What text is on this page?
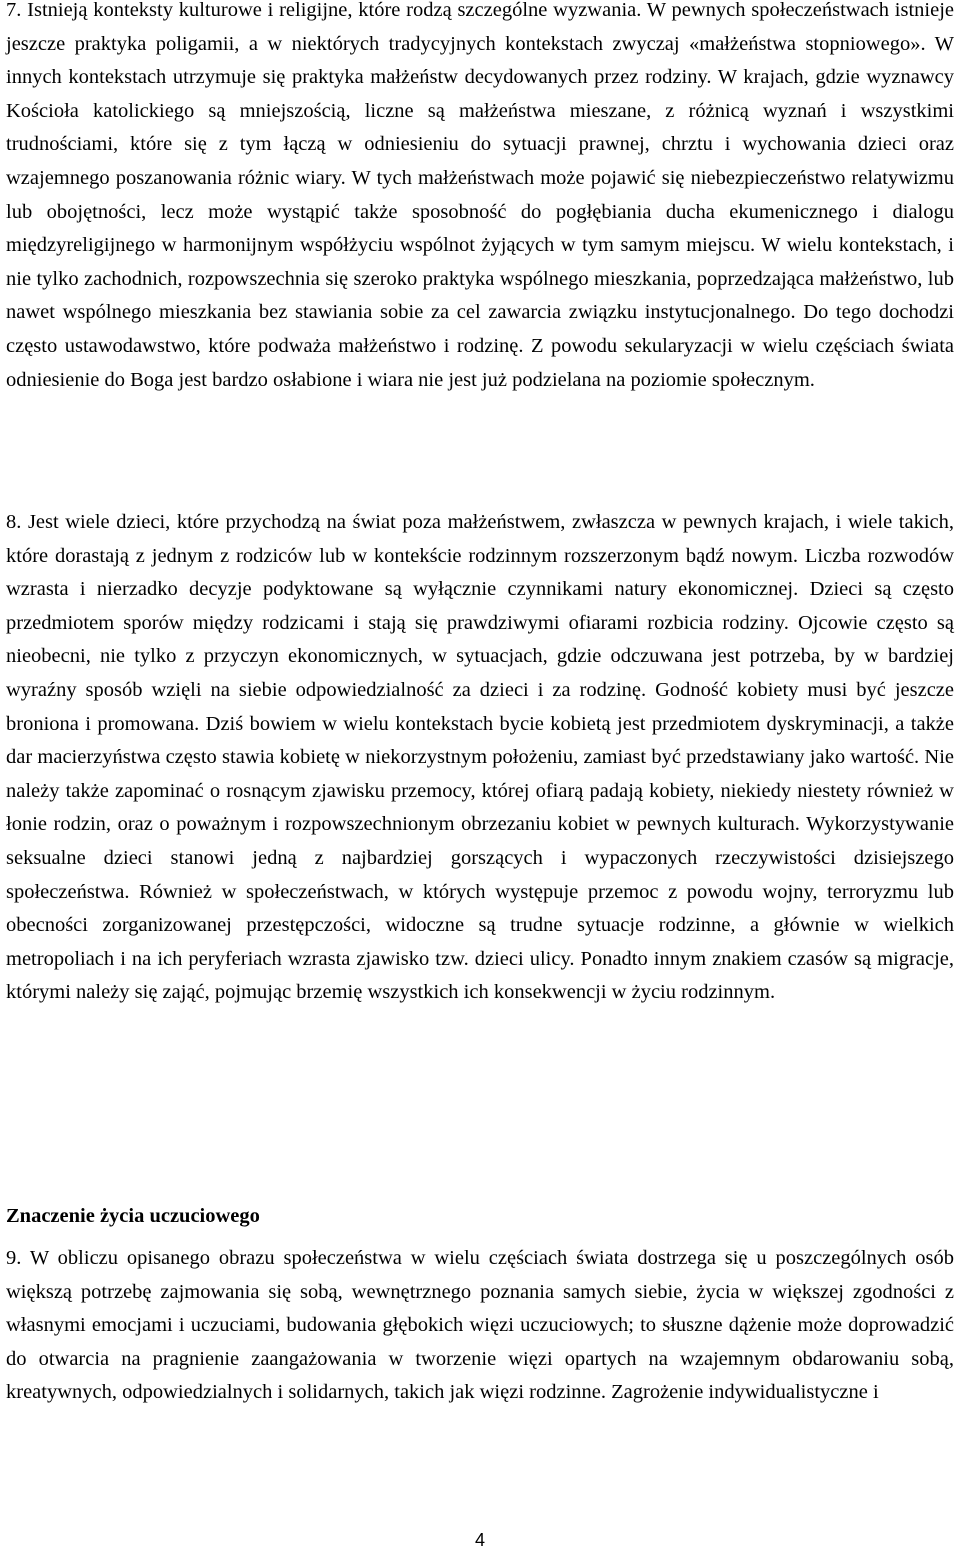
7. Istnieją konteksty kulturowe i religijne, które rodzą szczególne wyzwania. W pewnych społeczeństwach istnieje jeszcze praktyka poligamii, a w niektórych tradycyjnych kontekstach zwyczaj «małżeństwa stopniowego». W innych kontekstach utrzymuje się praktyka małżeństw decydowanych przez rodziny. W krajach, gdzie wyznawcy Kościoła katolickiego są mniejszością, liczne są małżeństwa mieszane, z różnicą wyznań i wszystkimi trudnościami, które się z tym łączą w odniesieniu do sytuacji prawnej, chrztu i wychowania dzieci oraz wzajemnego poszanowania różnic wiary. W tych małżeństwach może pojawić się niebezpieczeństwo relatywizmu lub obojętności, lecz może wystąpić także sposobność do pogłębiania ducha ekumenicznego i dialogu międzyreligijnego w harmonijnym współżyciu wspólnot żyjących w tym samym miejscu. W wielu kontekstach, i nie tylko zachodnich, rozpowszechnia się szeroko praktyka wspólnego mieszkania, poprzedzająca małżeństwo, lub nawet wspólnego mieszkania bez stawiania sobie za cel zawarcia związku instytucjonalnego. Do tego dochodzi często ustawodawstwo, które podważa małżeństwo i rodzinę. Z powodu sekularyzacji w wielu częściach świata odniesienie do Boga jest bardzo osłabione i wiara nie jest już podzielana na poziomie społecznym.

8. Jest wiele dzieci, które przychodzą na świat poza małżeństwem, zwłaszcza w pewnych krajach, i wiele takich, które dorastają z jednym z rodziców lub w kontekście rodzinnym rozszerzonym bądź nowym. Liczba rozwodów wzrasta i nierzadko decyzje podyktowane są wyłącznie czynnikami natury ekonomicznej. Dzieci są często przedmiotem sporów między rodzicami i stają się prawdziwymi ofiarami rozbicia rodziny. Ojcowie często są nieobecni, nie tylko z przyczyn ekonomicznych, w sytuacjach, gdzie odczuwana jest potrzeba, by w bardziej wyraźny sposób wzięli na siebie odpowiedzialność za dzieci i za rodzinę. Godność kobiety musi być jeszcze broniona i promowana. Dziś bowiem w wielu kontekstach bycie kobietą jest przedmiotem dyskryminacji, a także dar macierzyństwa często stawia kobietę w niekorzystnym położeniu, zamiast być przedstawiany jako wartość. Nie należy także zapominać o rosnącym zjawisku przemocy, której ofiarą padają kobiety, niekiedy niestety również w łonie rodzin, oraz o poważnym i rozpowszechnionym obrzezaniu kobiet w pewnych kulturach. Wykorzystywanie seksualne dzieci stanowi jedną z najbardziej gorszących i wypaczonych rzeczywistości dzisiejszego społeczeństwa. Również w społeczeństwach, w których występuje przemoc z powodu wojny, terroryzmu lub obecności zorganizowanej przestępczości, widoczne są trudne sytuacje rodzinne, a głównie w wielkich metropoliach i na ich peryferiach wzrasta zjawisko tzw. dzieci ulicy. Ponadto innym znakiem czasów są migracje, którymi należy się zająć, pojmując brzemię wszystkich ich konsekwencji w życiu rodzinnym.

Znaczenie życia uczuciowego

9. W obliczu opisanego obrazu społeczeństwa w wielu częściach świata dostrzega się u poszczególnych osób większą potrzebę zajmowania się sobą, wewnętrznego poznania samych siebie, życia w większej zgodności z własnymi emocjami i uczuciami, budowania głębokich więzi uczuciowych; to słuszne dążenie może doprowadzić do otwarcia na pragnienie zaangażowania w tworzenie więzi opartych na wzajemnym obdarowaniu sobą, kreatywnych, odpowiedzialnych i solidarnych, takich jak więzi rodzinne. Zagrożenie indywidualistyczne i

4
